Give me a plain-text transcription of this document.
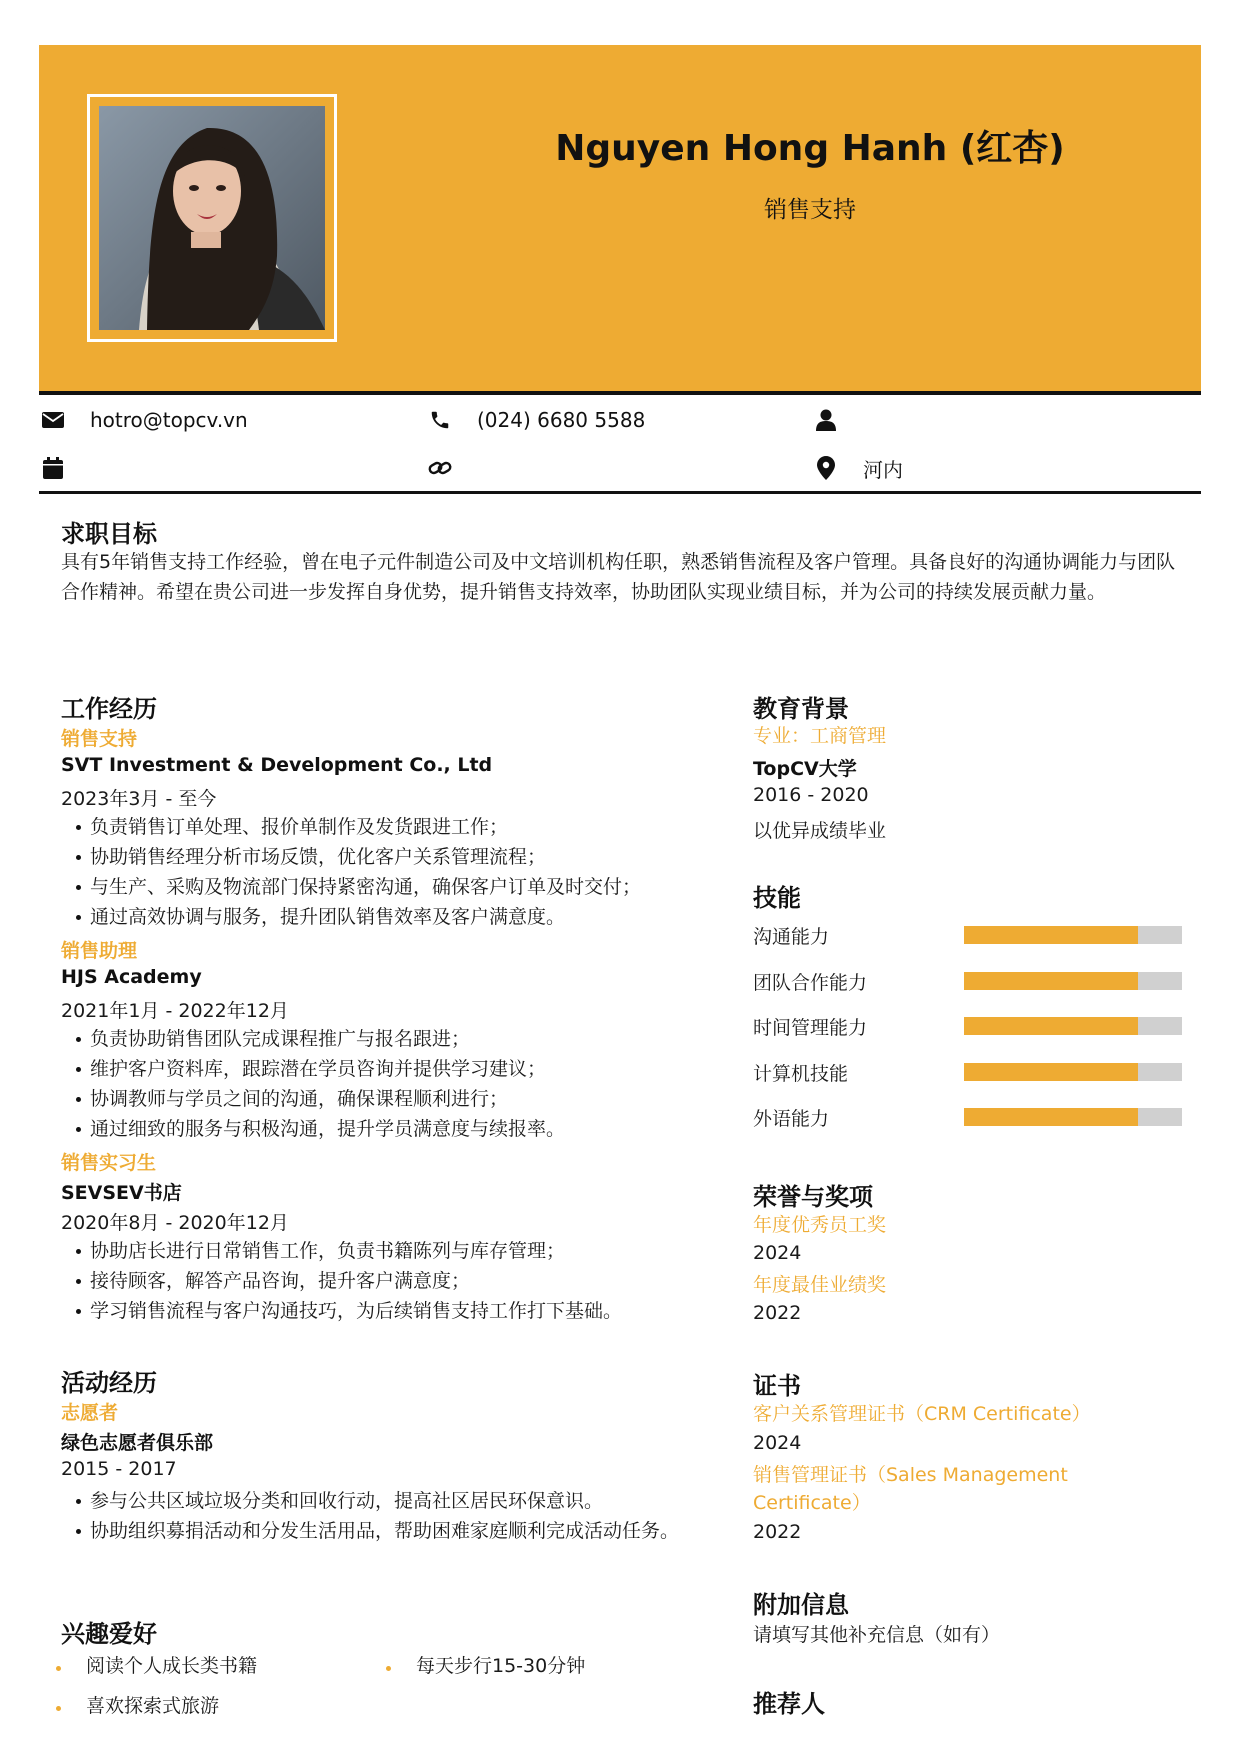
Nguyen Hong Hanh (红杏)
销售支持
hotro@topcv.vn	(024) 6680 5588
河内
求职目标
具有5年销售支持工作经验，曾在电子元件制造公司及中文培训机构任职，熟悉销售流程及客户管理。具备良好的沟通协调能力与团队合作精神。希望在贵公司进一步发挥自身优势，提升销售支持效率，协助团队实现业绩目标，并为公司的持续发展贡献力量。
工作经历
销售支持
SVT Investment & Development Co., Ltd
2023年3月 - 至今
负责销售订单处理、报价单制作及发货跟进工作；
协助销售经理分析市场反馈，优化客户关系管理流程；
与生产、采购及物流部门保持紧密沟通，确保客户订单及时交付；
通过高效协调与服务，提升团队销售效率及客户满意度。
销售助理
HJS Academy
2021年1月 - 2022年12月
负责协助销售团队完成课程推广与报名跟进；
维护客户资料库，跟踪潜在学员咨询并提供学习建议；
协调教师与学员之间的沟通，确保课程顺利进行；
通过细致的服务与积极沟通，提升学员满意度与续报率。
销售实习生
SEVSEV书店
2020年8月 - 2020年12月
协助店长进行日常销售工作，负责书籍陈列与库存管理；
接待顾客，解答产品咨询，提升客户满意度；
学习销售流程与客户沟通技巧，为后续销售支持工作打下基础。
活动经历
志愿者
绿色志愿者俱乐部
2015 - 2017
参与公共区域垃圾分类和回收行动，提高社区居民环保意识。
协助组织募捐活动和分发生活用品，帮助困难家庭顺利完成活动任务。
兴趣爱好
阅读个人成长类书籍	每天步行15-30分钟
喜欢探索式旅游
教育背景
专业：工商管理
TopCV大学
2016 - 2020
以优异成绩毕业
技能
沟通能力
团队合作能力
时间管理能力
计算机技能
外语能力
荣誉与奖项
年度优秀员工奖
2024
年度最佳业绩奖
2022
证书
客户关系管理证书（CRM Certificate）
2024
销售管理证书（Sales Management Certificate）
2022
附加信息
请填写其他补充信息（如有）
推荐人
